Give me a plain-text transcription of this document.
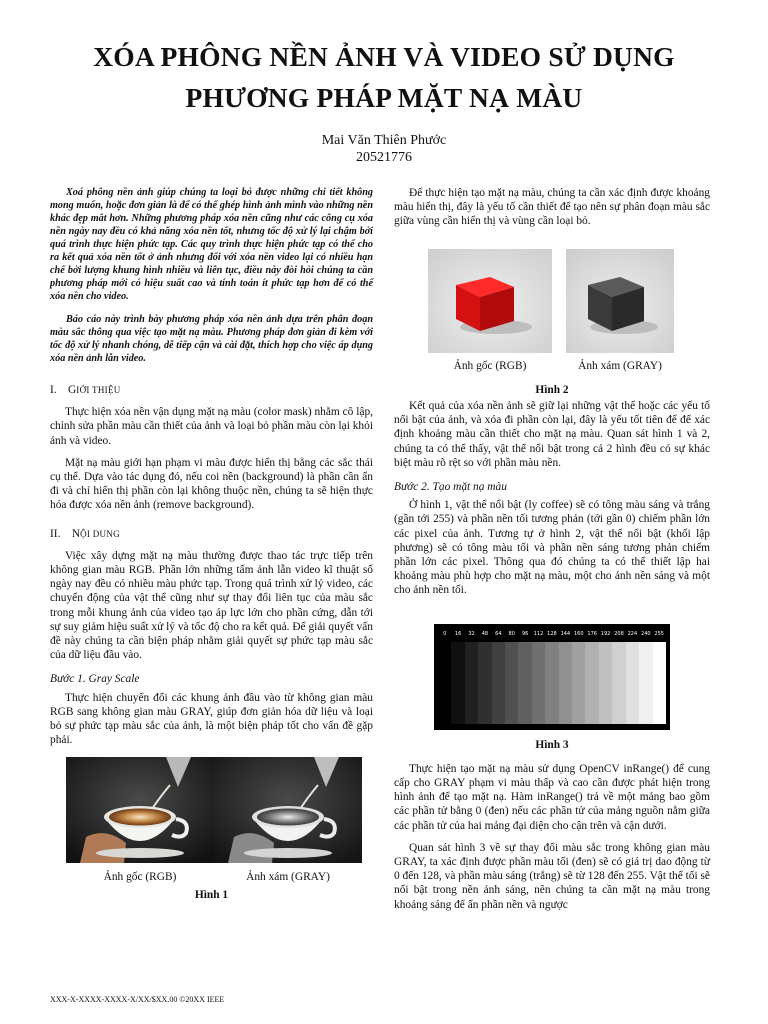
XÓA PHÔNG NỀN ẢNH VÀ VIDEO SỬ DỤNG
PHƯƠNG PHÁP MẶT NẠ MÀU
Mai Văn Thiên Phước
20521776

Xoá phông nền ảnh giúp chúng ta loại bỏ được những chi tiết không mong muốn, hoặc đơn giản là để có thể ghép hình ảnh mình vào những nền khác đẹp mắt hơn. Những phương pháp xóa nền cũng như các công cụ xóa nền ngày nay đều có khả năng xóa nền tốt, nhưng tốc độ xử lý lại chậm bởi quá trình thực hiện phức tạp. Các quy trình thực hiện phức tạp có thể cho ra kết quả xóa nền tốt ở ảnh nhưng đối với xóa nền video lại có nhiều hạn chế bởi lượng khung hình nhiều và liên tục, điều này đòi hỏi chúng ta cần phương pháp mới có hiệu suất cao và tính toán ít phức tạp hơn để có thể xóa nền cho video.

Báo cáo này trình bày phương pháp xóa nền ảnh dựa trên phân đoạn màu sắc thông qua việc tạo mặt nạ màu. Phương pháp đơn giản đi kèm với tốc độ xử lý nhanh chóng, dễ tiếp cận và cài đặt, thích hợp cho việc áp dụng xóa nền ảnh lẫn video.

I. GIỚI THIỆU

Thực hiện xóa nền vận dụng mặt nạ màu (color mask) nhằm cô lập, chỉnh sửa phần màu cần thiết của ảnh và loại bỏ phần màu còn lại khỏi ảnh và video.

Mặt nạ màu giới hạn phạm vi màu được hiển thị bằng các sắc thái cụ thể. Dựa vào tác dụng đó, nếu coi nền (background) là phần cần ẩn đi và chỉ hiển thị phần còn lại không thuộc nền, chúng ta sẽ hiện thực hóa được xóa nền ảnh (remove background).

II. NỘI DUNG

Việc xây dựng mặt nạ màu thường được thao tác trực tiếp trên không gian màu RGB. Phần lớn những tấm ảnh lẫn video kĩ thuật số ngày nay đều có nhiều màu phức tạp. Trong quá trình xử lý video, các chuyển động của vật thể cũng như sự thay đổi liên tục của màu sắc trong mỗi khung ảnh của video tạo áp lực lớn cho phần cứng, dẫn tới sự suy giảm hiệu suất xử lý và tốc độ cho ra kết quả. Để giải quyết vấn đề này chúng ta cần biện pháp nhằm giải quyết sự phức tạp màu sắc của dữ liệu đầu vào.

Bước 1. Gray Scale

Thực hiện chuyển đổi các khung ảnh đầu vào từ không gian màu RGB sang không gian màu GRAY, giúp đơn giản hóa dữ liệu và loại bỏ sự phức tạp màu sắc của ảnh, là một biện pháp tốt cho vấn đề gặp phải.

Ảnh gốc (RGB)	Ảnh xám (GRAY)
Hình 1

Để thực hiện tạo mặt nạ màu, chúng ta cần xác định được khoảng màu hiển thị, đây là yếu tố cần thiết để tạo nên sự phân đoạn màu sắc giữa vùng cần hiển thị và vùng cần loại bỏ.

Ảnh gốc (RGB)	Ảnh xám (GRAY)
Hình 2

Kết quả của xóa nền ảnh sẽ giữ lại những vật thể hoặc các yếu tố nổi bật của ảnh, và xóa đi phần còn lại, đây là yếu tốt tiên để để xác định khoảng màu cần thiết cho mặt nạ màu. Quan sát hình 1 và 2, chúng ta có thể thấy, vật thể nổi bật trong cả 2 hình đều có sự khác biệt màu rõ rệt so với phần màu nền.

Bước 2. Tạo mặt nạ màu

Ở hình 1, vật thể nổi bật (ly coffee) sẽ có tông màu sáng và trắng (gần tới 255) và phần nền tối tương phản (tới gần 0) chiếm phần lớn các pixel của ảnh. Tương tự ở hình 2, vật thể nổi bật (khối lập phương) sẽ có tông màu tối và phần nền sáng tương phản chiếm phần lớn các pixel. Thông qua đó chúng ta có thể thiết lập hai khoảng màu phù hợp cho mặt nạ màu, một cho ảnh nền sáng và một cho ảnh nền tối.

0	16	32	48	64	80	96	112 128 144 160 176 192 208 224 240 255
Hình 3

Thực hiện tạo mặt nạ màu sử dụng OpenCV inRange() để cung cấp cho GRAY phạm vi màu thấp và cao cần được phát hiện trong hình ảnh để tạo mặt nạ. Hàm inRange() trả về một mảng bao gồm các phần tử bằng 0 (đen) nếu các phần tử của mảng nguồn nằm giữa các phần tử của hai mảng đại diện cho cận trên và cận dưới.

Quan sát hình 3 về sự thay đổi màu sắc trong không gian màu GRAY, ta xác định được phần màu tối (đen) sẽ có giá trị dao động từ 0 đến 128, và phần màu sáng (trắng) sẽ từ 128 đến 255. Vật thể tối sẽ nổi bật trong nền ảnh sáng, nên chúng ta cần mặt nạ màu trong khoảng sáng để ẩn phần nền và ngược

XXX-X-XXXX-XXXX-X/XX/$XX.00 ©20XX IEEE
